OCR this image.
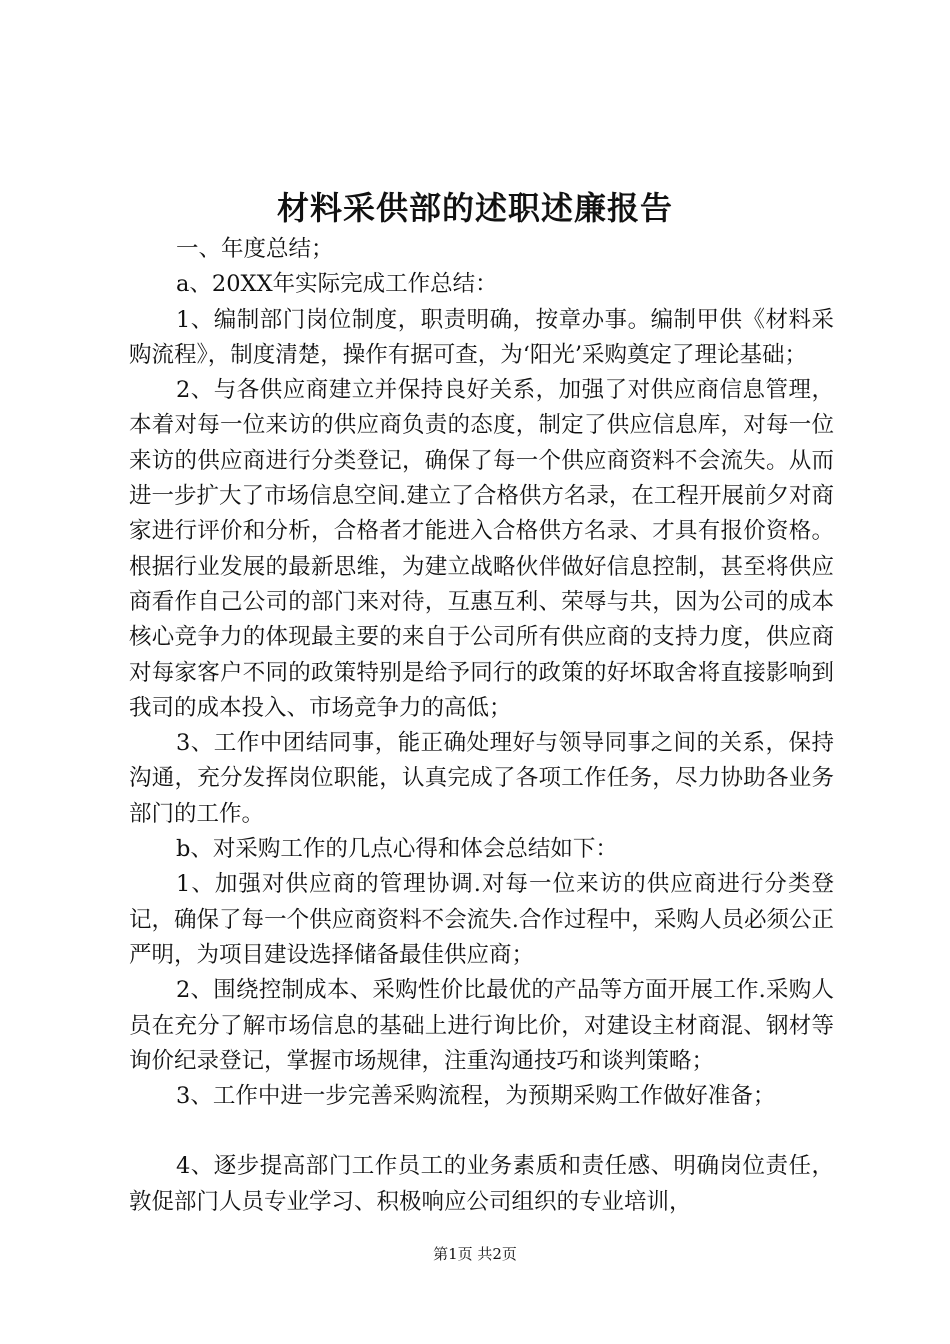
材料采供部的述职述廉报告

一、年度总结；

a、20XX年实际完成工作总结：

1、编制部门岗位制度，职责明确，按章办事。编制甲供《材料采购流程》，制度清楚，操作有据可查，为‘阳光’采购奠定了理论基础；

2、与各供应商建立并保持良好关系，加强了对供应商信息管理，本着对每一位来访的供应商负责的态度，制定了供应信息库，对每一位来访的供应商进行分类登记，确保了每一个供应商资料不会流失。从而进一步扩大了市场信息空间.建立了合格供方名录，在工程开展前夕对商家进行评价和分析，合格者才能进入合格供方名录、才具有报价资格。根据行业发展的最新思维，为建立战略伙伴做好信息控制，甚至将供应商看作自己公司的部门来对待，互惠互利、荣辱与共，因为公司的成本核心竞争力的体现最主要的来自于公司所有供应商的支持力度，供应商对每家客户不同的政策特别是给予同行的政策的好坏取舍将直接影响到我司的成本投入、市场竞争力的高低；

3、工作中团结同事，能正确处理好与领导同事之间的关系，保持沟通，充分发挥岗位职能，认真完成了各项工作任务，尽力协助各业务部门的工作。

b、对采购工作的几点心得和体会总结如下：

1、加强对供应商的管理协调.对每一位来访的供应商进行分类登记，确保了每一个供应商资料不会流失.合作过程中，采购人员必须公正严明，为项目建设选择储备最佳供应商；

2、围绕控制成本、采购性价比最优的产品等方面开展工作.采购人员在充分了解市场信息的基础上进行询比价，对建设主材商混、钢材等询价纪录登记，掌握市场规律，注重沟通技巧和谈判策略；

3、工作中进一步完善采购流程，为预期采购工作做好准备；

4、逐步提高部门工作员工的业务素质和责任感、明确岗位责任，敦促部门人员专业学习、积极响应公司组织的专业培训，

第1页 共2页
